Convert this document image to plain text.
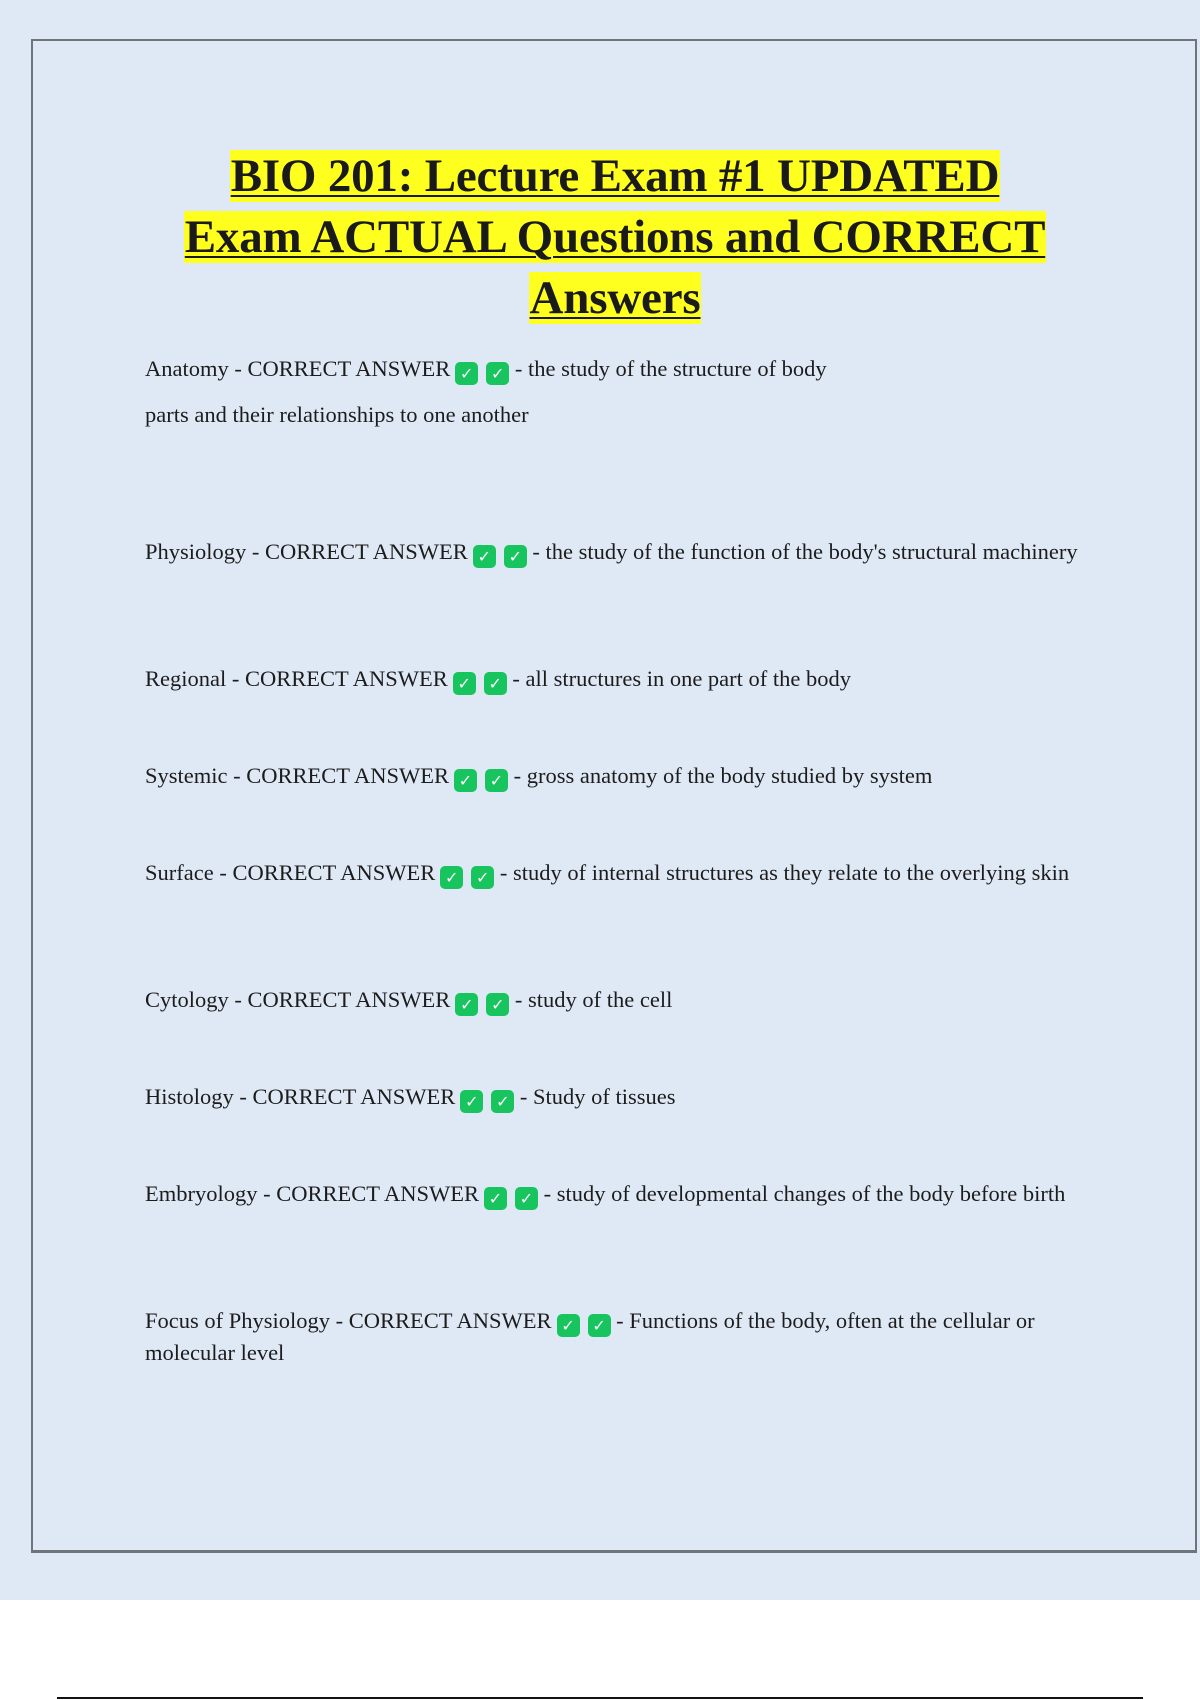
BIO 201: Lecture Exam #1 UPDATED
Exam ACTUAL Questions and CORRECT
Answers
Anatomy - CORRECT ANSWER ✓ ✓ - the study of the structure of body parts and their relationships to one another
Physiology - CORRECT ANSWER ✓ ✓ - the study of the function of the body's structural machinery
Regional - CORRECT ANSWER ✓ ✓ - all structures in one part of the body
Systemic - CORRECT ANSWER ✓ ✓ - gross anatomy of the body studied by system
Surface - CORRECT ANSWER ✓ ✓ - study of internal structures as they relate to the overlying skin
Cytology - CORRECT ANSWER ✓ ✓ - study of the cell
Histology - CORRECT ANSWER ✓ ✓ - Study of tissues
Embryology - CORRECT ANSWER ✓ ✓ - study of developmental changes of the body before birth
Focus of Physiology - CORRECT ANSWER ✓ ✓ - Functions of the body, often at the cellular or molecular level
